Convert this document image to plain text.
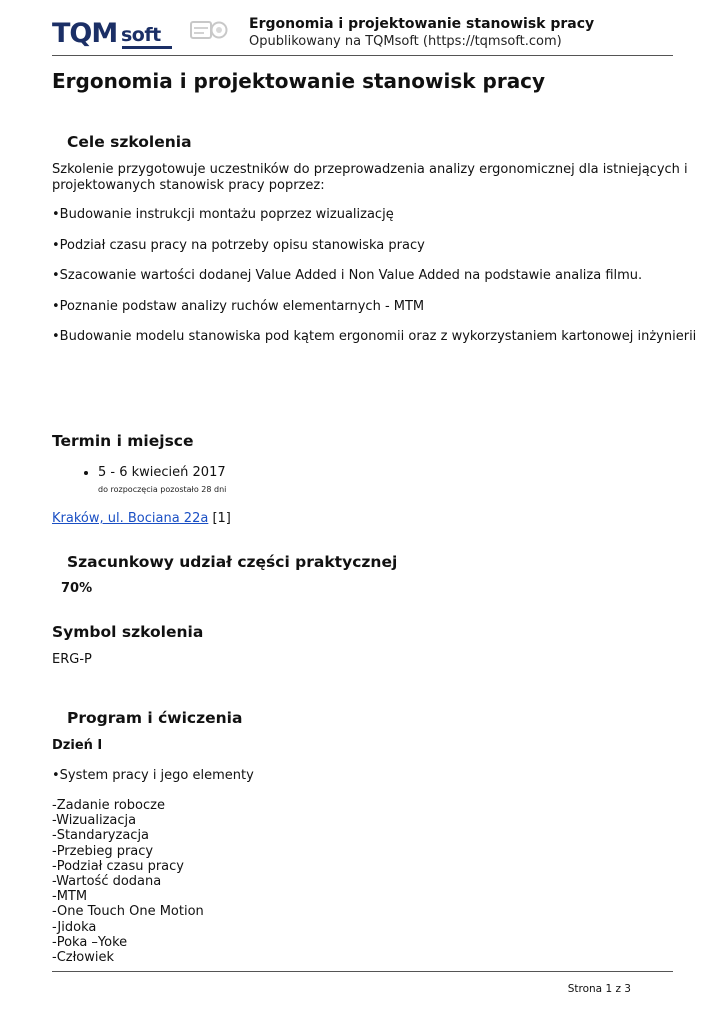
TQM soft	Ergonomia i projektowanie stanowisk pracy
Opublikowany na TQMsoft (https://tqmsoft.com)
Ergonomia i projektowanie stanowisk pracy
Cele szkolenia
Szkolenie przygotowuje uczestników do przeprowadzenia analizy ergonomicznej dla istniejących i
projektowanych stanowisk pracy poprzez:
•Budowanie instrukcji montażu poprzez wizualizację
•Podział czasu pracy na potrzeby opisu stanowiska pracy
•Szacowanie wartości dodanej Value Added i Non Value Added na podstawie analiza filmu.
•Poznanie podstaw analizy ruchów elementarnych - MTM
•Budowanie modelu stanowiska pod kątem ergonomii oraz z wykorzystaniem kartonowej inżynierii
Termin i miejsce
• 5 - 6 kwiecień 2017
do rozpoczęcia pozostało 28 dni
Kraków, ul. Bociana 22a [1]
Szacunkowy udział części praktycznej
70%
Symbol szkolenia
ERG-P
Program i ćwiczenia
Dzień I
•System pracy i jego elementy
-Zadanie robocze
-Wizualizacja
-Standaryzacja
-Przebieg pracy
-Podział czasu pracy
-Wartość dodana
-MTM
-One Touch One Motion
-Jidoka
-Poka –Yoke
-Człowiek
Strona 1 z 3
